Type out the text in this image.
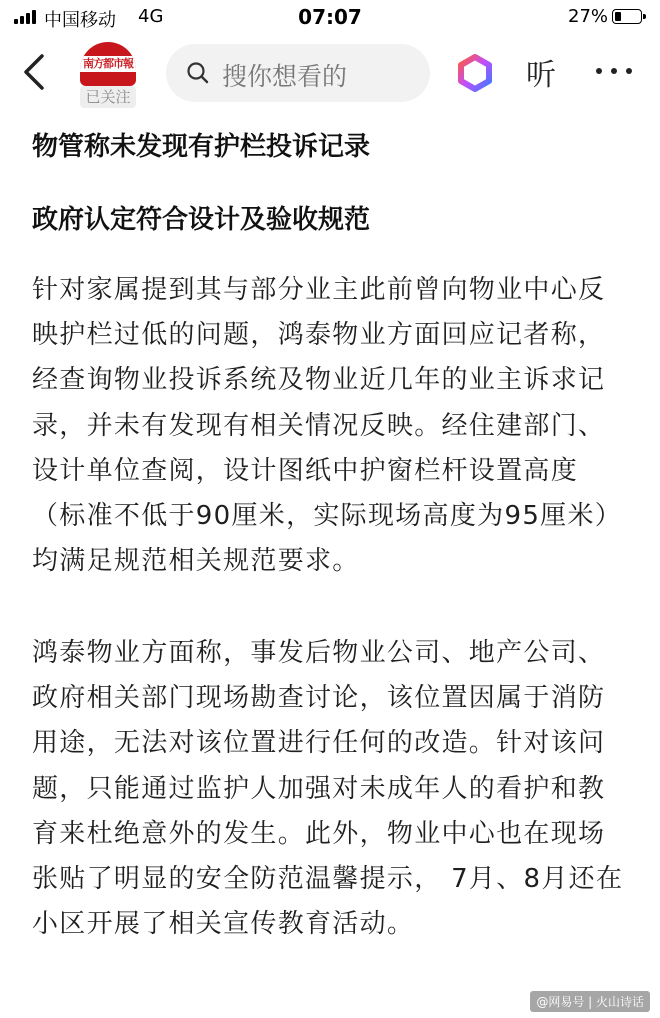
中国移动 4G	07:07	27%
南方都市報
已关注
搜你想看的	听
物管称未发现有护栏投诉记录
政府认定符合设计及验收规范

针对家属提到其与部分业主此前曾向物业中心反映护栏过低的问题，鸿泰物业方面回应记者称，经查询物业投诉系统及物业近几年的业主诉求记录，并未有发现有相关情况反映。经住建部门、设计单位查阅，设计图纸中护窗栏杆设置高度（标准不低于90厘米，实际现场高度为95厘米）均满足规范相关规范要求。

鸿泰物业方面称，事发后物业公司、地产公司、政府相关部门现场勘查讨论，该位置因属于消防用途，无法对该位置进行任何的改造。针对该问题，只能通过监护人加强对未成年人的看护和教育来杜绝意外的发生。此外，物业中心也在现场张贴了明显的安全防范温馨提示， 7月、8月还在小区开展了相关宣传教育活动。

@网易号 | 火山诗话
